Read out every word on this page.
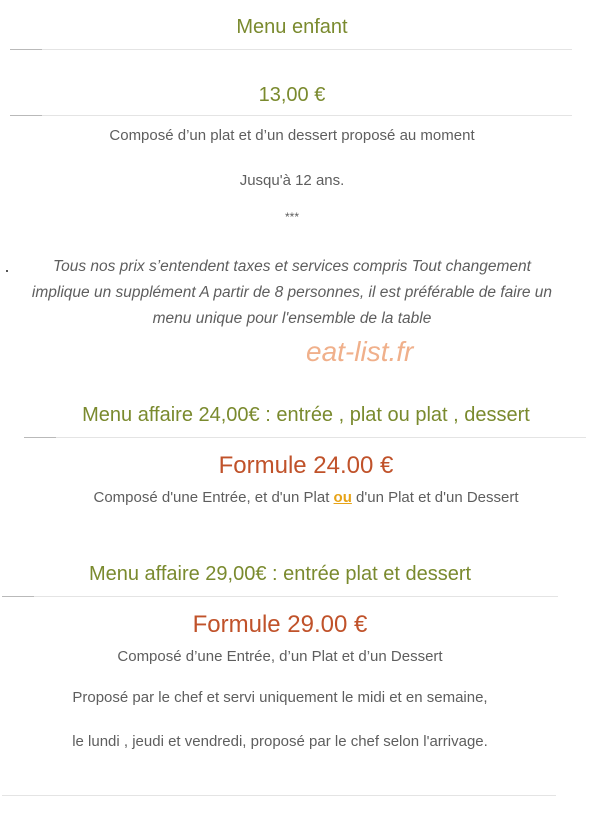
Menu enfant
13,00 €
Composé d’un plat et d’un dessert proposé au moment
Jusqu'à 12 ans.
***
Tous nos prix s’entendent taxes et services compris Tout changement
implique un supplément A partir de 8 personnes, il est préférable de faire un
menu unique pour l'ensemble de la table
eat-list.fr
Menu affaire 24,00€ : entrée , plat ou plat , dessert
Formule 24.00 €
Composé d'une Entrée, et d'un Plat ou d'un Plat et d'un Dessert
Menu affaire 29,00€ : entrée plat et dessert
Formule 29.00 €
Composé d’une Entrée, d’un Plat et d’un Dessert
Proposé par le chef et servi uniquement le midi et en semaine,
le lundi , jeudi et vendredi, proposé par le chef selon l'arrivage.
